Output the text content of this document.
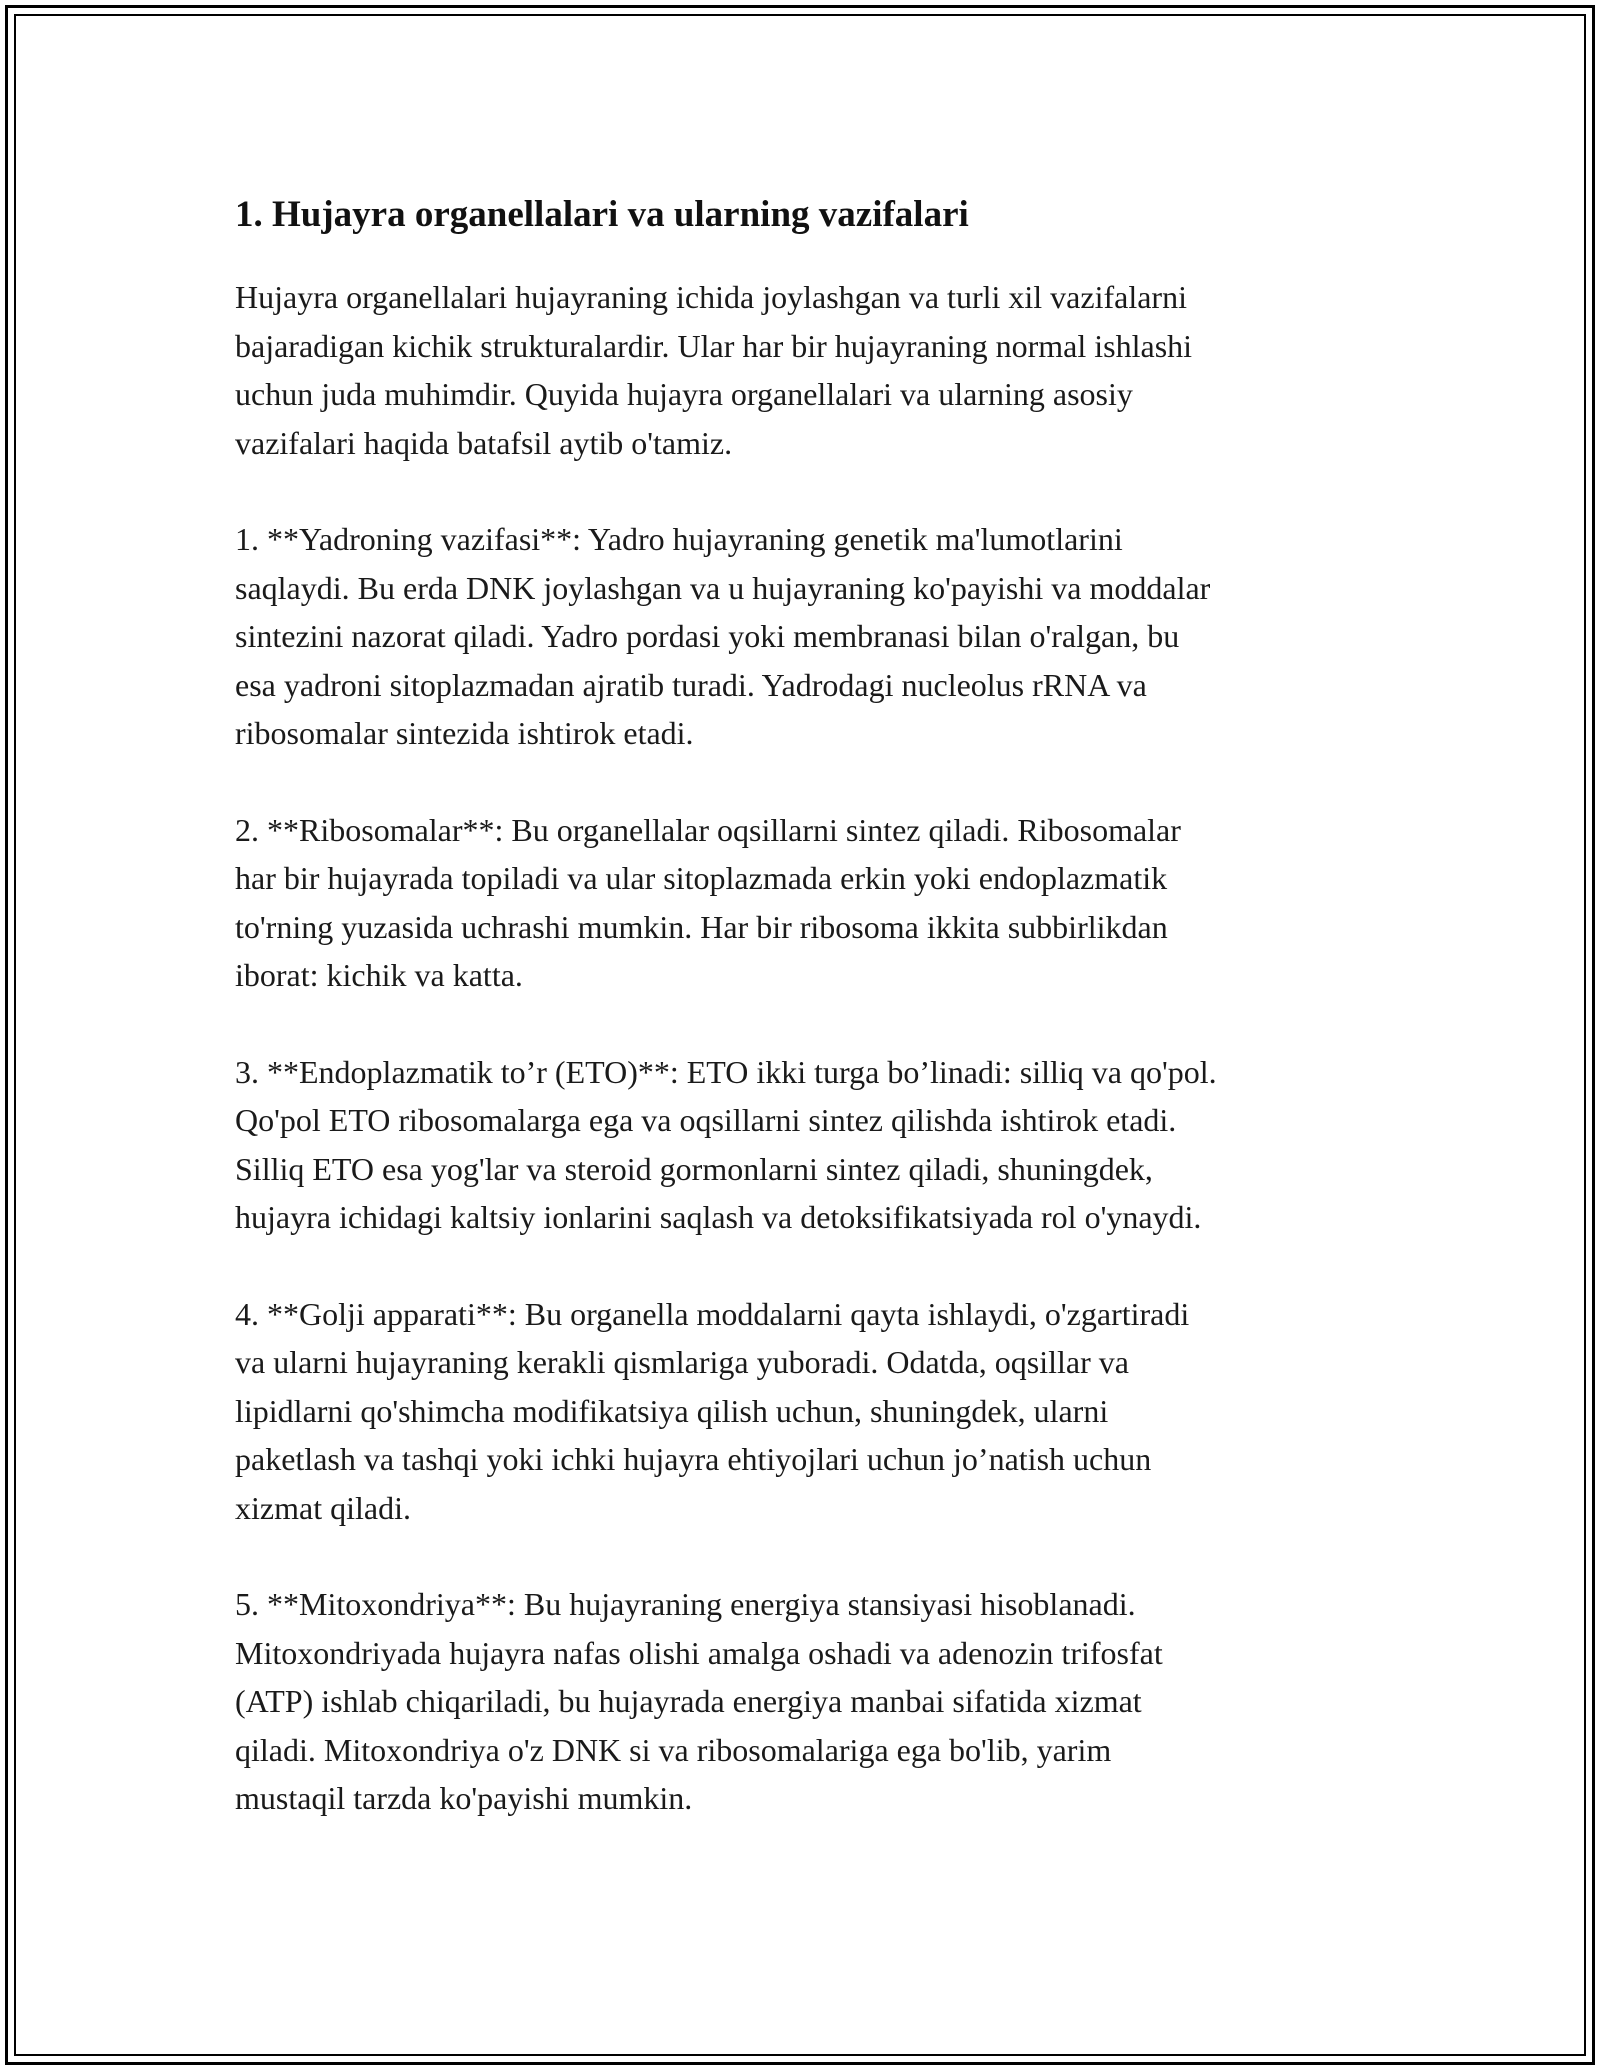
1. Hujayra organellalari va ularning vazifalari

Hujayra organellalari hujayraning ichida joylashgan va turli xil vazifalarni
bajaradigan kichik strukturalardir. Ular har bir hujayraning normal ishlashi
uchun juda muhimdir. Quyida hujayra organellalari va ularning asosiy
vazifalari haqida batafsil aytib o'tamiz.

1. **Yadroning vazifasi**: Yadro hujayraning genetik ma'lumotlarini
saqlaydi. Bu erda DNK joylashgan va u hujayraning ko'payishi va moddalar
sintezini nazorat qiladi. Yadro pordasi yoki membranasi bilan o'ralgan, bu
esa yadroni sitoplazmadan ajratib turadi. Yadrodagi nucleolus rRNA va
ribosomalar sintezida ishtirok etadi.

2. **Ribosomalar**: Bu organellalar oqsillarni sintez qiladi. Ribosomalar
har bir hujayrada topiladi va ular sitoplazmada erkin yoki endoplazmatik
to'rning yuzasida uchrashi mumkin. Har bir ribosoma ikkita subbirlikdan
iborat: kichik va katta.

3. **Endoplazmatik to’r (ETO)**: ETO ikki turga bo’linadi: silliq va qo'pol.
Qo'pol ETO ribosomalarga ega va oqsillarni sintez qilishda ishtirok etadi.
Silliq ETO esa yog'lar va steroid gormonlarni sintez qiladi, shuningdek,
hujayra ichidagi kaltsiy ionlarini saqlash va detoksifikatsiyada rol o'ynaydi.

4. **Golji apparati**: Bu organella moddalarni qayta ishlaydi, o'zgartiradi
va ularni hujayraning kerakli qismlariga yuboradi. Odatda, oqsillar va
lipidlarni qo'shimcha modifikatsiya qilish uchun, shuningdek, ularni
paketlash va tashqi yoki ichki hujayra ehtiyojlari uchun jo’natish uchun
xizmat qiladi.

5. **Mitoxondriya**: Bu hujayraning energiya stansiyasi hisoblanadi.
Mitoxondriyada hujayra nafas olishi amalga oshadi va adenozin trifosfat
(ATP) ishlab chiqariladi, bu hujayrada energiya manbai sifatida xizmat
qiladi. Mitoxondriya o'z DNK si va ribosomalariga ega bo'lib, yarim
mustaqil tarzda ko'payishi mumkin.
